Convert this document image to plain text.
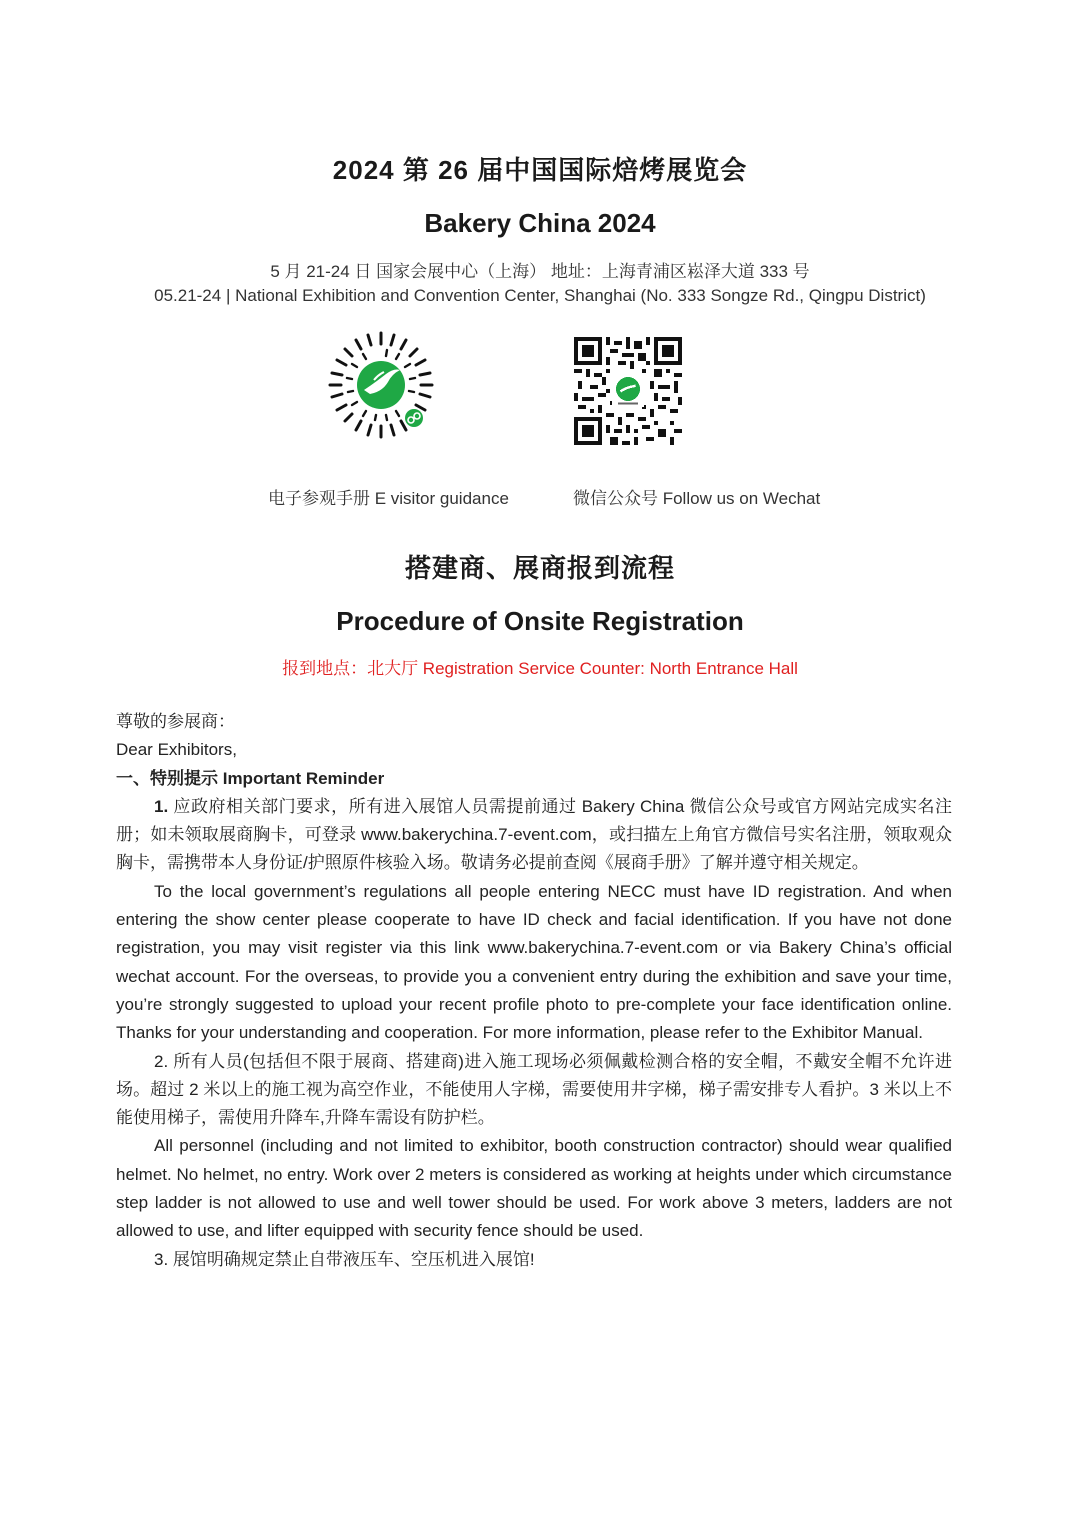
2024 第 26 届中国国际焙烤展览会
Bakery China 2024
5 月 21-24 日 国家会展中心（上海） 地址：上海青浦区崧泽大道 333 号
05.21-24 | National Exhibition and Convention Center, Shanghai (No. 333 Songze Rd., Qingpu District)
电子参观手册 E visitor guidance	微信公众号 Follow us on Wechat
搭建商、展商报到流程
Procedure of Onsite Registration
报到地点：北大厅 Registration Service Counter: North Entrance Hall

尊敬的参展商：

Dear Exhibitors,

一、特别提示 Important Reminder

1. 应政府相关部门要求，所有进入展馆人员需提前通过 Bakery China 微信公众号或官方网站完成实名注册；如未领取展商胸卡，可登录 www.bakerychina.7-event.com，或扫描左上角官方微信号实名注册，领取观众胸卡，需携带本人身份证/护照原件核验入场。敬请务必提前查阅《展商手册》了解并遵守相关规定。

To the local government’s regulations all people entering NECC must have ID registration. And when entering the show center please cooperate to have ID check and facial identification. If you have not done registration, you may visit register via this link www.bakerychina.7-event.com or via Bakery China’s official wechat account. For the overseas, to provide you a convenient entry during the exhibition and save your time, you’re strongly suggested to upload your recent profile photo to pre-complete your face identification online. Thanks for your understanding and cooperation. For more information, please refer to the Exhibitor Manual.

2. 所有人员(包括但不限于展商、搭建商)进入施工现场必须佩戴检测合格的安全帽，不戴安全帽不允许进场。超过 2 米以上的施工视为高空作业，不能使用人字梯，需要使用井字梯，梯子需安排专人看护。3 米以上不能使用梯子，需使用升降车,升降车需设有防护栏。

All personnel (including and not limited to exhibitor, booth construction contractor) should wear qualified helmet. No helmet, no entry. Work over 2 meters is considered as working at heights under which circumstance step ladder is not allowed to use and well tower should be used. For work above 3 meters, ladders are not allowed to use, and lifter equipped with security fence should be used.

3. 展馆明确规定禁止自带液压车、空压机进入展馆!
